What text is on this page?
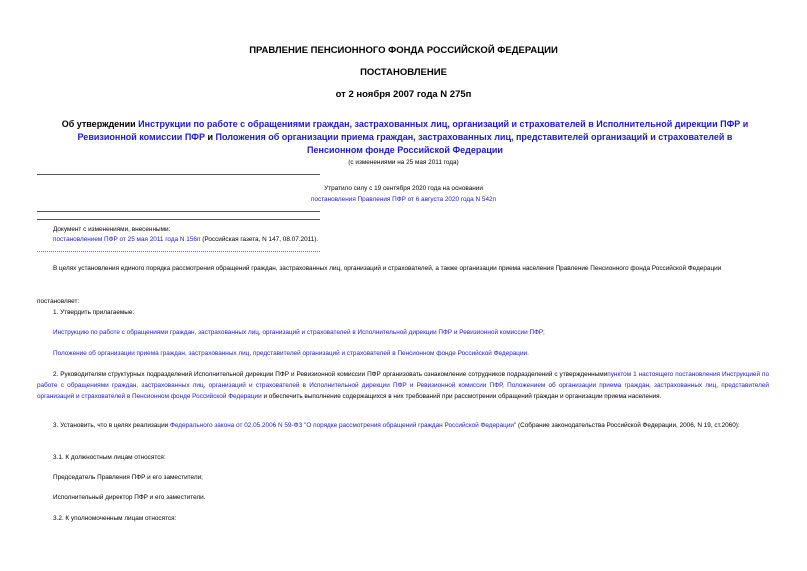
ПРАВЛЕНИЕ ПЕНСИОННОГО ФОНДА РОССИЙСКОЙ ФЕДЕРАЦИИ
ПОСТАНОВЛЕНИЕ
от 2 ноября 2007 года N 275п
Об утверждении Инструкции по работе с обращениями граждан, застрахованных лиц, организаций и страхователей в Исполнительной дирекции ПФР и Ревизионной комиссии ПФР и Положения об организации приема граждан, застрахованных лиц, представителей организаций и страхователей в Пенсионном фонде Российской Федерации
(с изменениями на 25 мая 2011 года)
Утратило силу с 19 сентября 2020 года на основании
постановления Правления ПФР от 6 августа 2020 года N 542п
Документ с изменениями, внесенными:
постановлением ПФР от 25 мая 2011 года N 156п (Российская газета, N 147, 08.07.2011).
В целях установления единого порядка рассмотрения обращений граждан, застрахованных лиц, организаций и страхователей, а также организации приема населения Правление Пенсионного фонда Российской Федерации
постановляет:
1. Утвердить прилагаемые:
Инструкцию по работе с обращениями граждан, застрахованных лиц, организаций и страхователей в Исполнительной дирекции ПФР и Ревизионной комиссии ПФР;
Положение об организации приема граждан, застрахованных лиц, представителей организаций и страхователей в Пенсионном фонде Российской Федерации.
2. Руководителям структурных подразделений Исполнительной дирекции ПФР и Ревизионной комиссии ПФР организовать ознакомление сотрудников подразделений с утвержденнымипунктом 1 настоящего постановления Инструкцией по работе с обращениями граждан, застрахованных лиц, организаций и страхователей в Исполнительной дирекции ПФР и Ревизионной комиссии ПФР, Положением об организации приема граждан, застрахованных лиц, представителей организаций и страхователей в Пенсионном фонде Российской Федерации и обеспечить выполнение содержащихся в них требований при рассмотрении обращений граждан и организации приема населения.
3. Установить, что в целях реализации Федерального закона от 02.05.2006 N 59-ФЗ "О порядке рассмотрения обращений граждан Российской Федерации" (Собрание законодательства Российской Федерации, 2006, N 19, ст.2060):
3.1. К должностным лицам относятся:
Председатель Правления ПФР и его заместители;
Исполнительный директор ПФР и его заместители.
3.2. К уполномоченным лицам относятся:
